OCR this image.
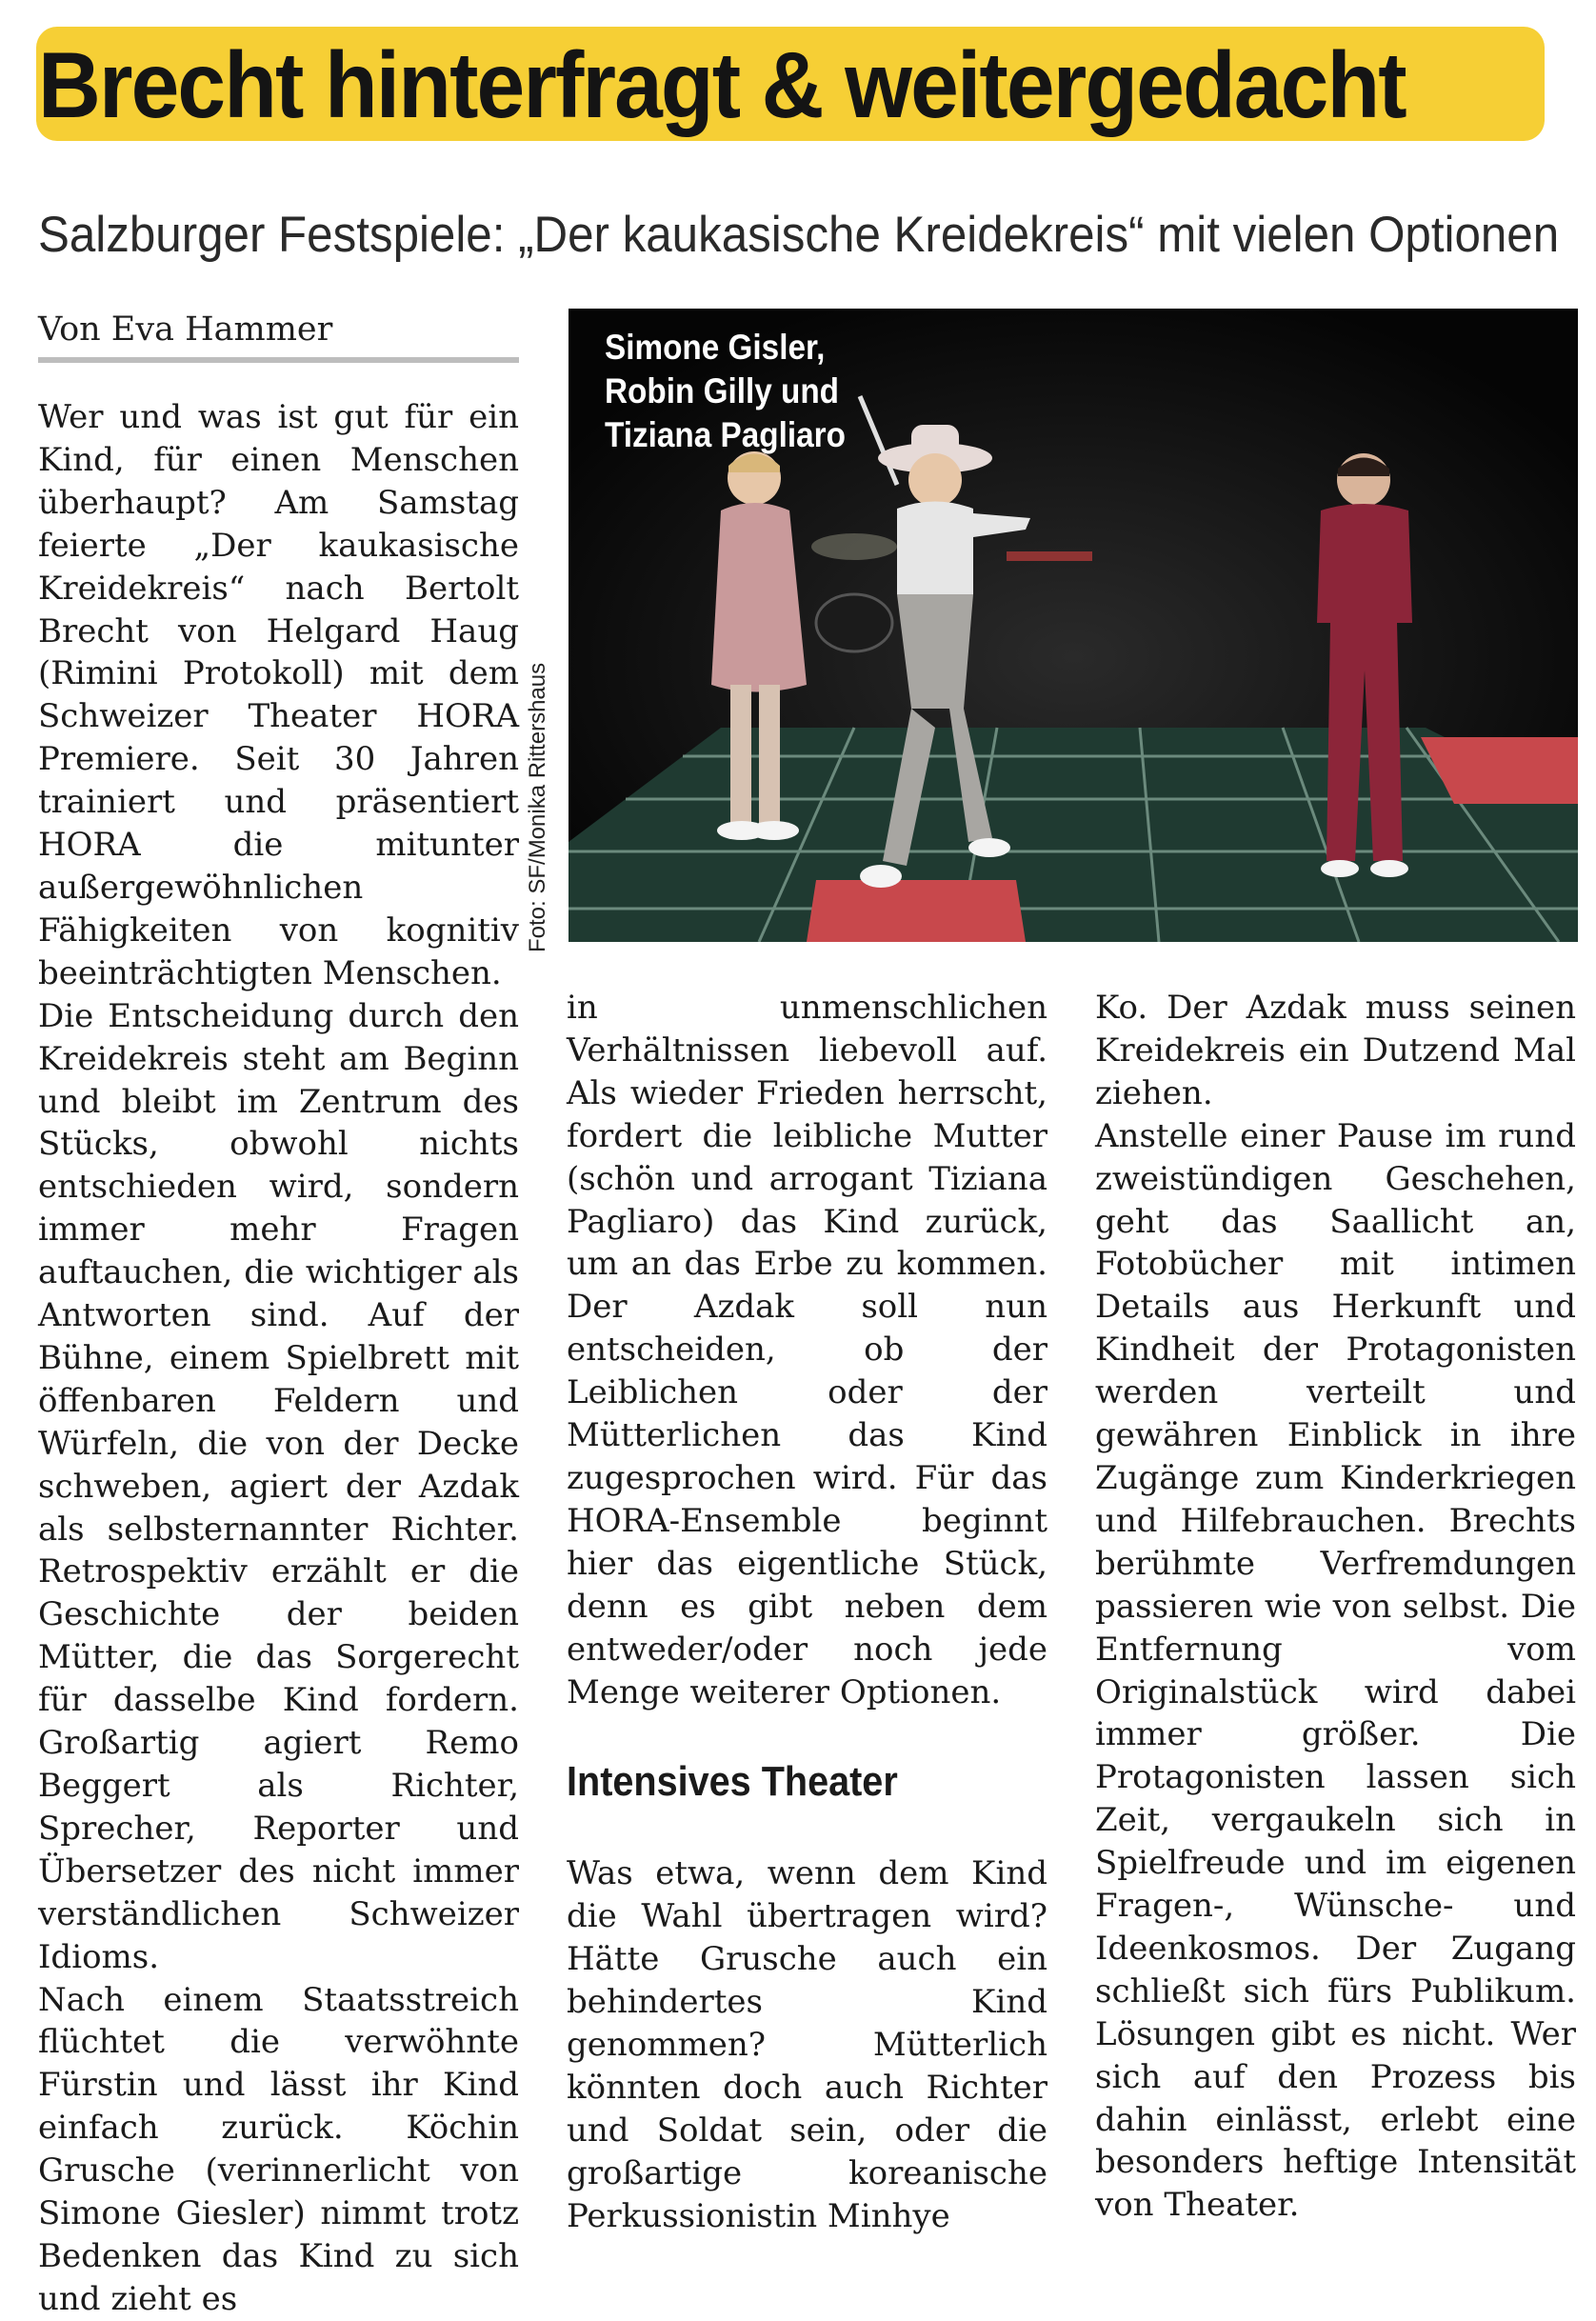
Brecht hinterfragt & weitergedacht
Salzburger Festspiele: „Der kaukasische Kreidekreis“ mit vielen Optionen
Von Eva Hammer

Wer und was ist gut für ein Kind, für einen Menschen überhaupt? Am Samstag feierte „Der kaukasische Kreidekreis“ nach Bertolt Brecht von Helgard Haug (Rimini Protokoll) mit dem Schweizer Theater HORA Premiere. Seit 30 Jahren trainiert und präsentiert HORA die mitunter außergewöhnlichen Fähigkeiten von kognitiv beeinträchtigten Menschen.

Die Entscheidung durch den Kreidekreis steht am Beginn und bleibt im Zentrum des Stücks, obwohl nichts entschieden wird, sondern immer mehr Fragen auftauchen, die wichtiger als Antworten sind. Auf der Bühne, einem Spielbrett mit öffenbaren Feldern und Würfeln, die von der Decke schweben, agiert der Azdak als selbsternannter Richter. Retrospektiv erzählt er die Geschichte der beiden Mütter, die das Sorgerecht für dasselbe Kind fordern. Großartig agiert Remo Beggert als Richter, Sprecher, Reporter und Übersetzer des nicht immer verständlichen Schweizer Idioms.

Nach einem Staatsstreich flüchtet die verwöhnte Fürstin und lässt ihr Kind einfach zurück. Köchin Grusche (verinnerlicht von Simone Giesler) nimmt trotz Bedenken das Kind zu sich und zieht es

Foto: SF/Monika Rittershaus
Simone Gisler, Robin Gilly und Tiziana Pagliaro

in unmenschlichen Verhältnissen liebevoll auf. Als wieder Frieden herrscht, fordert die leibliche Mutter (schön und arrogant Tiziana Pagliaro) das Kind zurück, um an das Erbe zu kommen. Der Azdak soll nun entscheiden, ob der Leiblichen oder der Mütterlichen das Kind zugesprochen wird. Für das HORA-Ensemble beginnt hier das eigentliche Stück, denn es gibt neben dem entweder/oder noch jede Menge weiterer Optionen.

Intensives Theater

Was etwa, wenn dem Kind die Wahl übertragen wird? Hätte Grusche auch ein behindertes Kind genommen? Mütterlich könnten doch auch Richter und Soldat sein, oder die großartige koreanische Perkussionistin Minhye

Ko. Der Azdak muss seinen Kreidekreis ein Dutzend Mal ziehen.

Anstelle einer Pause im rund zweistündigen Geschehen, geht das Saallicht an, Fotobücher mit intimen Details aus Herkunft und Kindheit der Protagonisten werden verteilt und gewähren Einblick in ihre Zugänge zum Kinderkriegen und Hilfebrauchen. Brechts berühmte Verfremdungen passieren wie von selbst. Die Entfernung vom Originalstück wird dabei immer größer. Die Protagonisten lassen sich Zeit, vergaukeln sich in Spielfreude und im eigenen Fragen-, Wünsche- und Ideenkosmos. Der Zugang schließt sich fürs Publikum. Lösungen gibt es nicht. Wer sich auf den Prozess bis dahin einlässt, erlebt eine besonders heftige Intensität von Theater.
